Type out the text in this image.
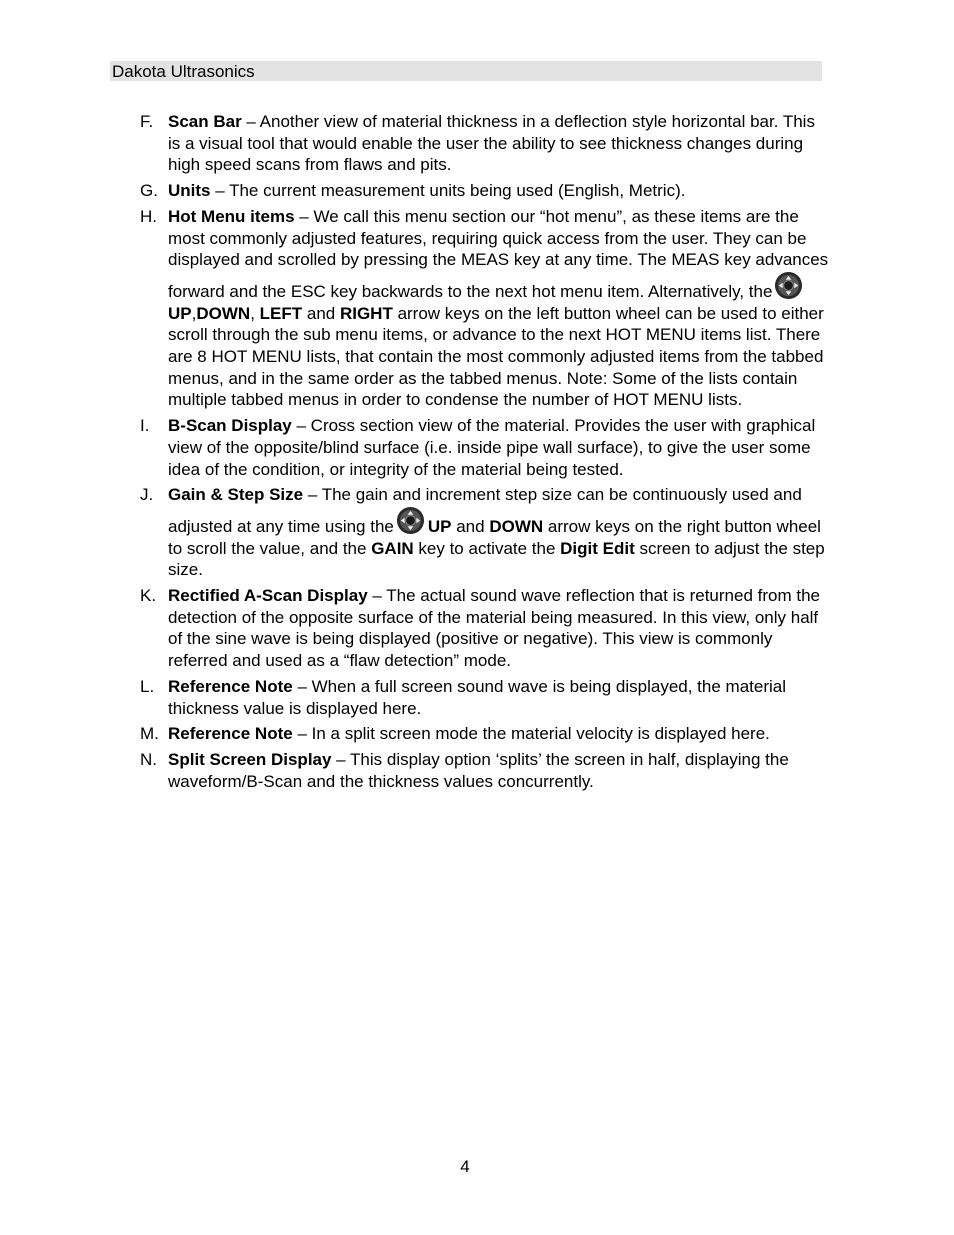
Dakota Ultrasonics
F. Scan Bar – Another view of material thickness in a deflection style horizontal bar. This is a visual tool that would enable the user the ability to see thickness changes during high speed scans from flaws and pits.
G. Units – The current measurement units being used (English, Metric).
H. Hot Menu items – We call this menu section our “hot menu”, as these items are the most commonly adjusted features, requiring quick access from the user. They can be displayed and scrolled by pressing the MEAS key at any time. The MEAS key advances forward and the ESC key backwards to the next hot menu item. Alternatively, the
UP,DOWN, LEFT and RIGHT arrow keys on the left button wheel can be used to either scroll through the sub menu items, or advance to the next HOT MENU items list. There are 8 HOT MENU lists, that contain the most commonly adjusted items from the tabbed menus, and in the same order as the tabbed menus. Note: Some of the lists contain multiple tabbed menus in order to condense the number of HOT MENU lists.
I. B-Scan Display – Cross section view of the material. Provides the user with graphical view of the opposite/blind surface (i.e. inside pipe wall surface), to give the user some idea of the condition, or integrity of the material being tested.
J. Gain & Step Size – The gain and increment step size can be continuously used and adjusted at any time using the UP and DOWN arrow keys on the right button wheel to scroll the value, and the GAIN key to activate the Digit Edit screen to adjust the step size.
K. Rectified A-Scan Display – The actual sound wave reflection that is returned from the detection of the opposite surface of the material being measured. In this view, only half of the sine wave is being displayed (positive or negative). This view is commonly referred and used as a “flaw detection” mode.
L. Reference Note – When a full screen sound wave is being displayed, the material thickness value is displayed here.
M. Reference Note – In a split screen mode the material velocity is displayed here.
N. Split Screen Display – This display option ‘splits’ the screen in half, displaying the waveform/B-Scan and the thickness values concurrently.
4
